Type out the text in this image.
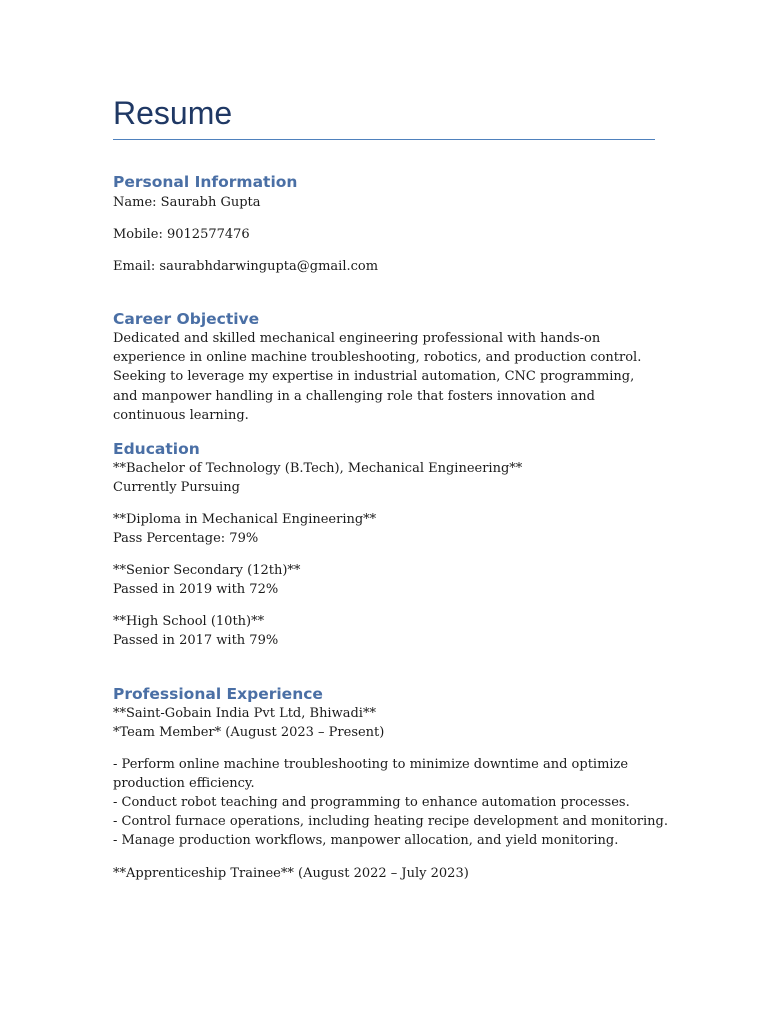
Resume
Personal Information

Name: Saurabh Gupta

Mobile: 9012577476

Email: saurabhdarwingupta@gmail.com

Career Objective

Dedicated and skilled mechanical engineering professional with hands-on experience in online machine troubleshooting, robotics, and production control. Seeking to leverage my expertise in industrial automation, CNC programming, and manpower handling in a challenging role that fosters innovation and continuous learning.

Education

**Bachelor of Technology (B.Tech), Mechanical Engineering**

Currently Pursuing

**Diploma in Mechanical Engineering**

Pass Percentage: 79%

**Senior Secondary (12th)**

Passed in 2019 with 72%

**High School (10th)**

Passed in 2017 with 79%

Professional Experience

**Saint-Gobain India Pvt Ltd, Bhiwadi**

*Team Member* (August 2023 – Present)

- Perform online machine troubleshooting to minimize downtime and optimize production efficiency.

- Conduct robot teaching and programming to enhance automation processes.

- Control furnace operations, including heating recipe development and monitoring.

- Manage production workflows, manpower allocation, and yield monitoring.

**Apprenticeship Trainee** (August 2022 – July 2023)
